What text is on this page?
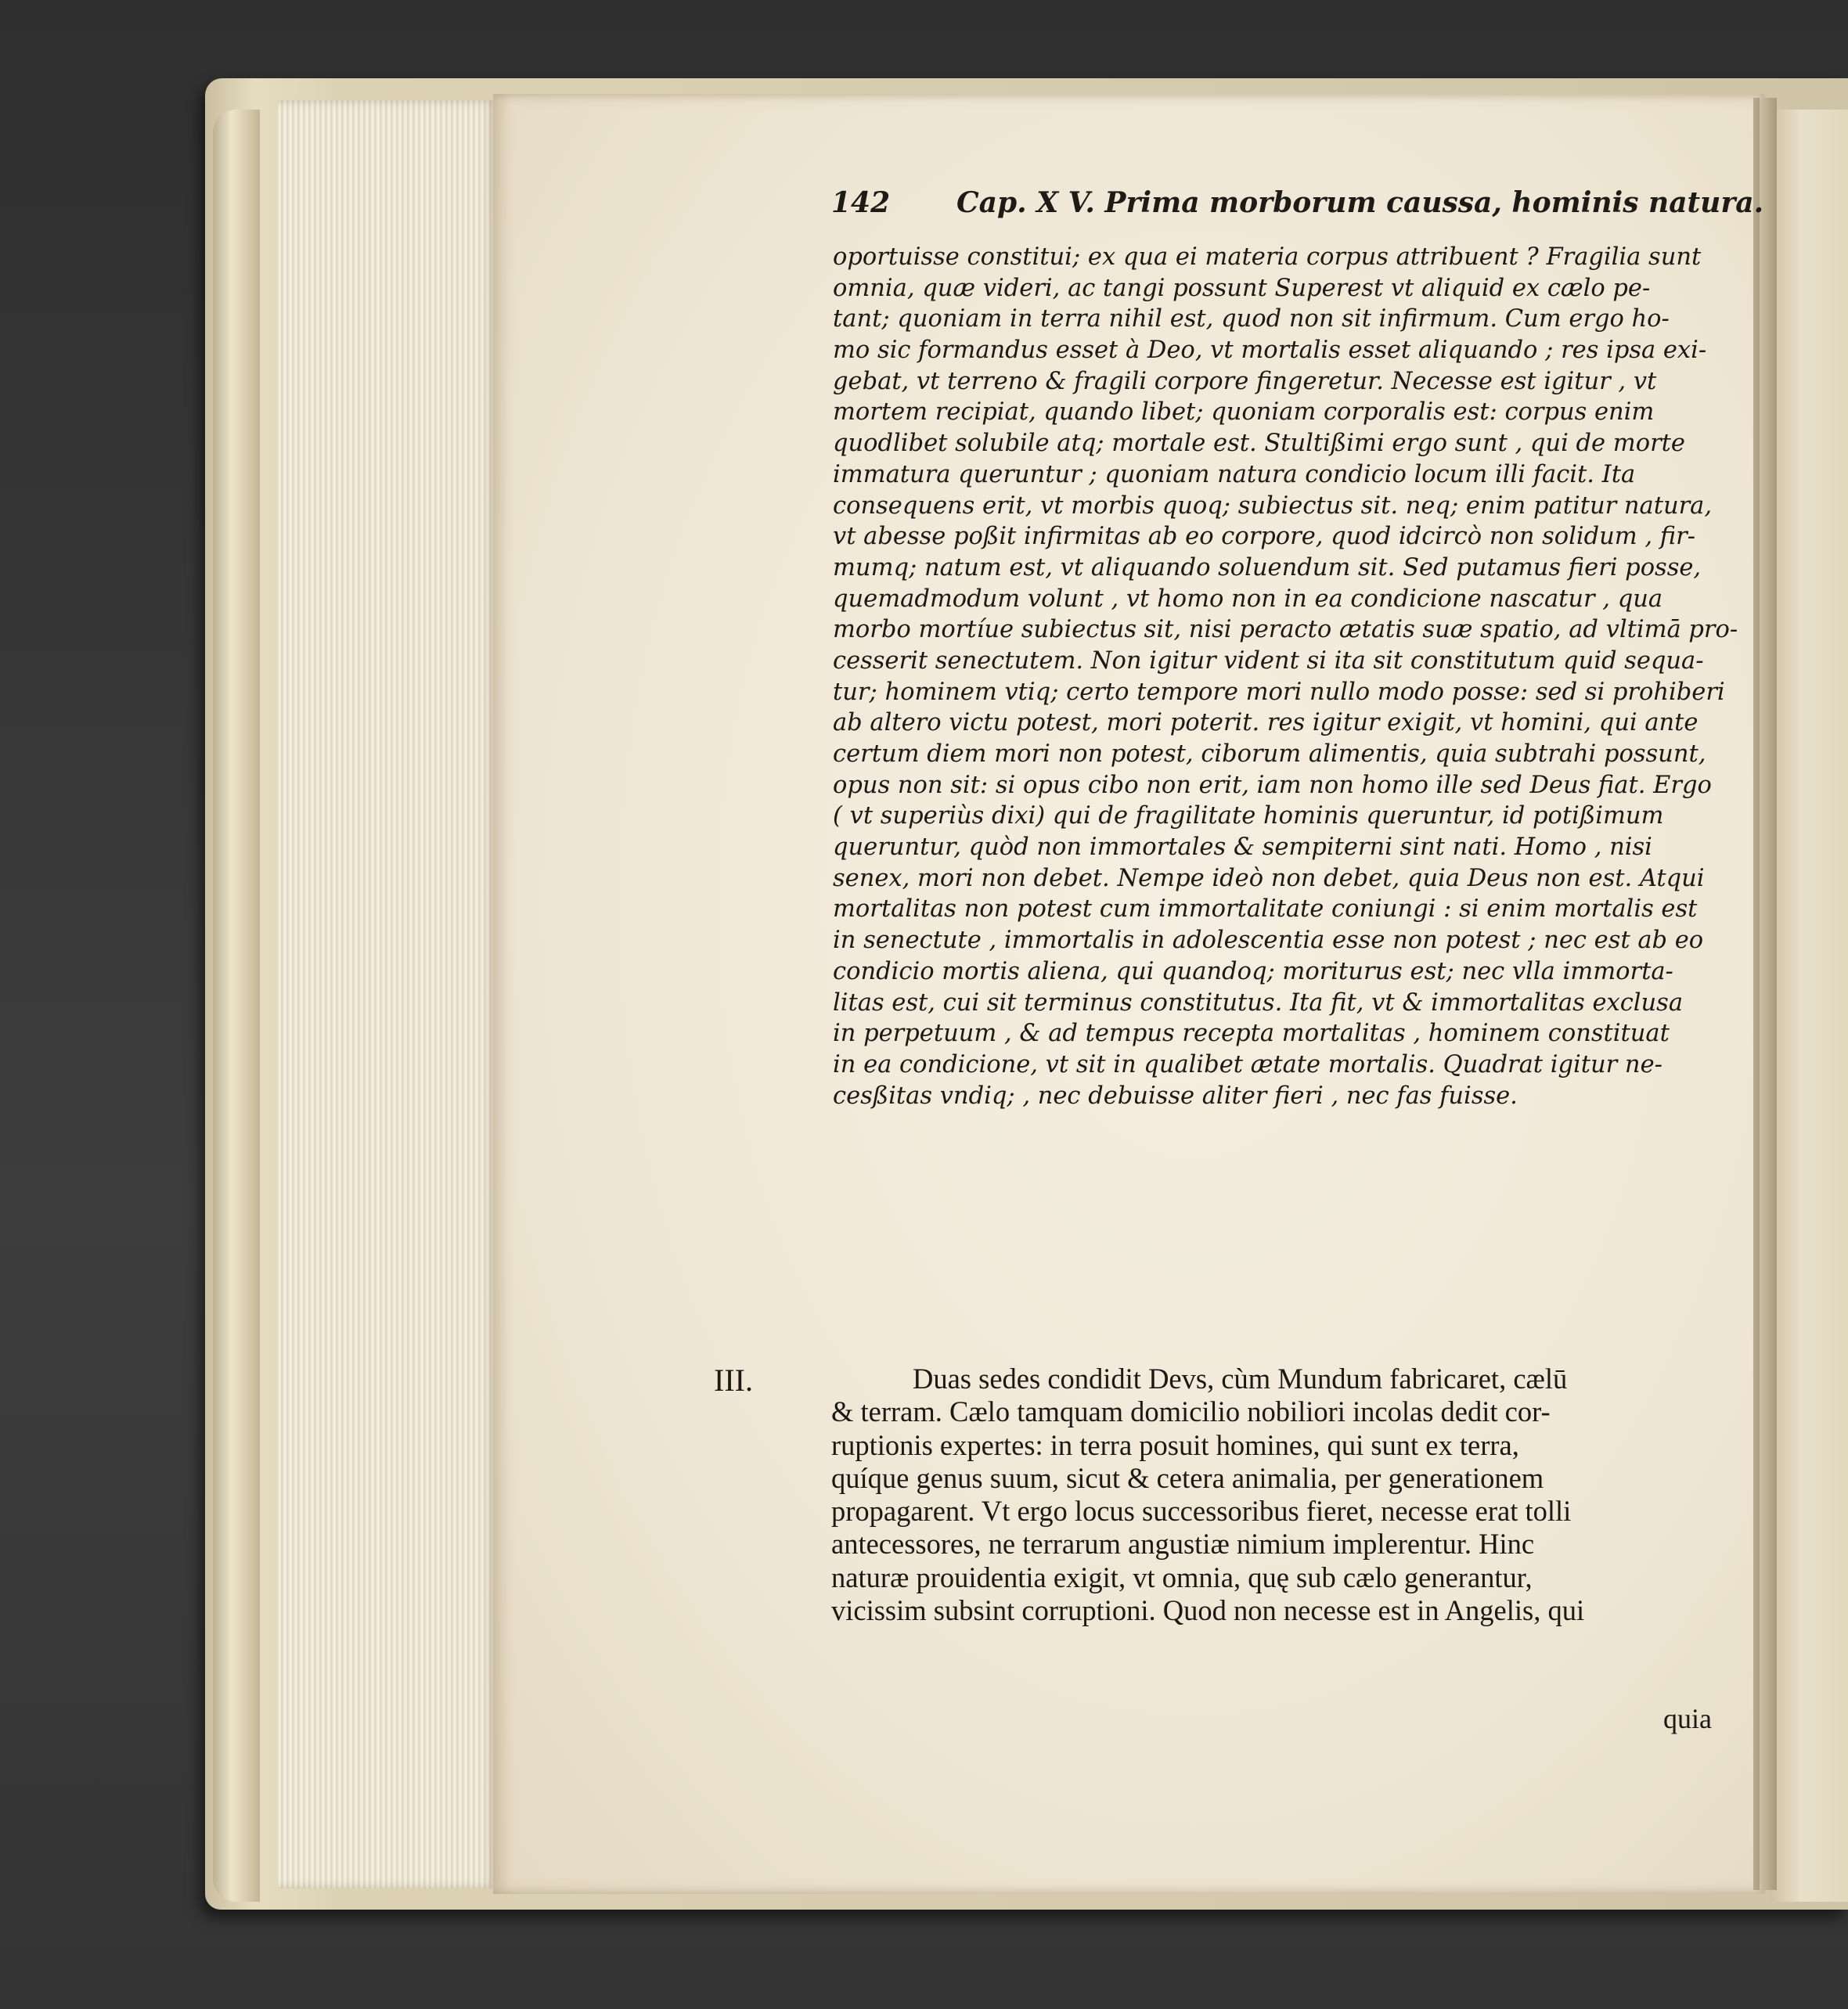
142 Cap. X V. Prima morborum caussa, hominis natura.
oportuisse constitui; ex qua ei materia corpus attribuent ? Fragilia sunt
omnia, quæ videri, ac tangi possunt Superest vt aliquid ex cælo pe-
tant; quoniam in terra nihil est, quod non sit infirmum. Cum ergo ho-
mo sic formandus esset à Deo, vt mortalis esset aliquando ; res ipsa exi-
gebat, vt terreno & fragili corpore fingeretur. Necesse est igitur , vt
mortem recipiat, quando libet; quoniam corporalis est: corpus enim
quodlibet solubile atq; mortale est. Stultißimi ergo sunt , qui de morte
immatura queruntur ; quoniam natura condicio locum illi facit. Ita
consequens erit, vt morbis quoq; subiectus sit. neq; enim patitur natura,
vt abesse poßit infirmitas ab eo corpore, quod idcircò non solidum , fir-
mumq; natum est, vt aliquando soluendum sit. Sed putamus fieri posse,
quemadmodum volunt , vt homo non in ea condicione nascatur , qua
morbo mortíue subiectus sit, nisi peracto ætatis suæ spatio, ad vltimā pro-
cesserit senectutem. Non igitur vident si ita sit constitutum quid sequa-
tur; hominem vtiq; certo tempore mori nullo modo posse: sed si prohiberi
ab altero victu potest, mori poterit. res igitur exigit, vt homini, qui ante
certum diem mori non potest, ciborum alimentis, quia subtrahi possunt,
opus non sit: si opus cibo non erit, iam non homo ille sed Deus fiat. Ergo
( vt superiùs dixi) qui de fragilitate hominis queruntur, id potißimum
queruntur, quòd non immortales & sempiterni sint nati. Homo , nisi
senex, mori non debet. Nempe ideò non debet, quia Deus non est. Atqui
mortalitas non potest cum immortalitate coniungi : si enim mortalis est
in senectute , immortalis in adolescentia esse non potest ; nec est ab eo
condicio mortis aliena, qui quandoq; moriturus est; nec vlla immorta-
litas est, cui sit terminus constitutus. Ita fit, vt & immortalitas exclusa
in perpetuum , & ad tempus recepta mortalitas , hominem constituat
in ea condicione, vt sit in qualibet ætate mortalis. Quadrat igitur ne-
cesßitas vndiq; , nec debuisse aliter fieri , nec fas fuisse.
III.	Duas sedes condidit Devs, cùm Mundum fabricaret, cælū
& terram. Cælo tamquam domicilio nobiliori incolas dedit cor-
ruptionis expertes: in terra posuit homines, qui sunt ex terra,
quíque genus suum, sicut & cetera animalia, per generationem
propagarent. Vt ergo locus successoribus fieret, necesse erat tolli
antecessores, ne terrarum angustiæ nimium implerentur. Hinc
naturæ prouidentia exigit, vt omnia, quę sub cælo generantur,
vicissim subsint corruptioni. Quod non necesse est in Angelis, qui
quia
